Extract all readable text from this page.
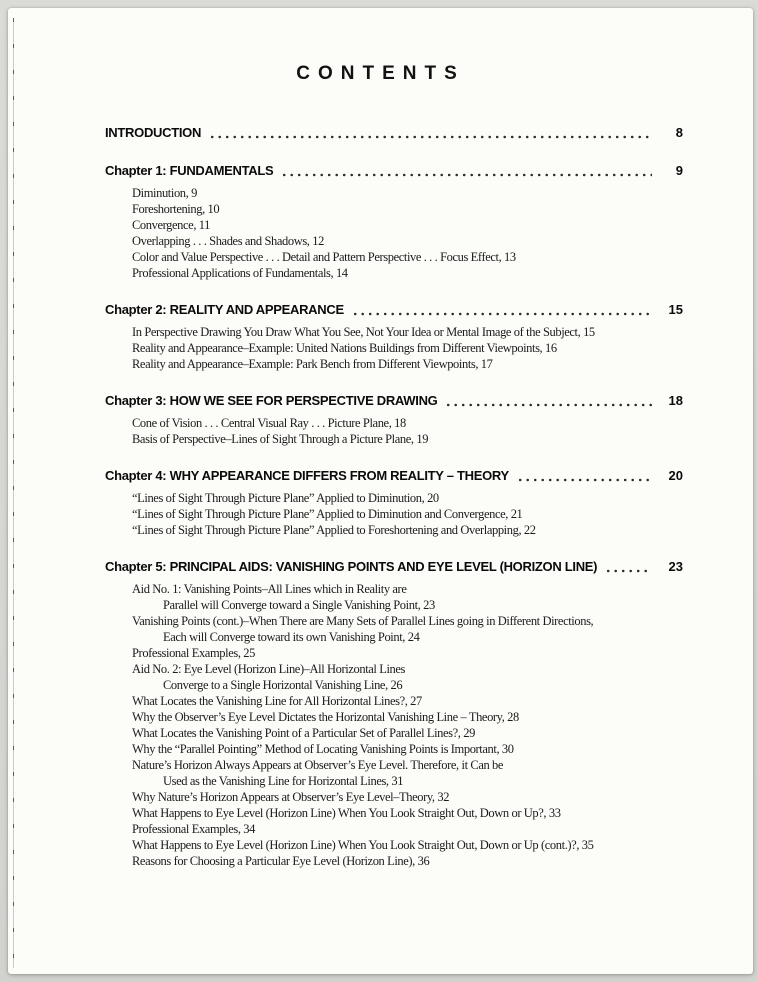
CONTENTS
INTRODUCTION	8
Chapter 1: FUNDAMENTALS	9
Diminution, 9
Foreshortening, 10
Convergence, 11
Overlapping . . . Shades and Shadows, 12
Color and Value Perspective . . . Detail and Pattern Perspective . . . Focus Effect, 13
Professional Applications of Fundamentals, 14
Chapter 2: REALITY AND APPEARANCE	15
In Perspective Drawing You Draw What You See, Not Your Idea or Mental Image of the Subject, 15
Reality and Appearance–Example: United Nations Buildings from Different Viewpoints, 16
Reality and Appearance–Example: Park Bench from Different Viewpoints, 17
Chapter 3: HOW WE SEE FOR PERSPECTIVE DRAWING	18
Cone of Vision . . . Central Visual Ray . . . Picture Plane, 18
Basis of Perspective–Lines of Sight Through a Picture Plane, 19
Chapter 4: WHY APPEARANCE DIFFERS FROM REALITY – THEORY	20
“Lines of Sight Through Picture Plane” Applied to Diminution, 20
“Lines of Sight Through Picture Plane” Applied to Diminution and Convergence, 21
“Lines of Sight Through Picture Plane” Applied to Foreshortening and Overlapping, 22
Chapter 5: PRINCIPAL AIDS: VANISHING POINTS AND EYE LEVEL (HORIZON LINE)	23
Aid No. 1: Vanishing Points–All Lines which in Reality are
Parallel will Converge toward a Single Vanishing Point, 23
Vanishing Points (cont.)–When There are Many Sets of Parallel Lines going in Different Directions,
Each will Converge toward its own Vanishing Point, 24
Professional Examples, 25
Aid No. 2: Eye Level (Horizon Line)–All Horizontal Lines
Converge to a Single Horizontal Vanishing Line, 26
What Locates the Vanishing Line for All Horizontal Lines?, 27
Why the Observer’s Eye Level Dictates the Horizontal Vanishing Line – Theory, 28
What Locates the Vanishing Point of a Particular Set of Parallel Lines?, 29
Why the “Parallel Pointing” Method of Locating Vanishing Points is Important, 30
Nature’s Horizon Always Appears at Observer’s Eye Level. Therefore, it Can be
Used as the Vanishing Line for Horizontal Lines, 31
Why Nature’s Horizon Appears at Observer’s Eye Level–Theory, 32
What Happens to Eye Level (Horizon Line) When You Look Straight Out, Down or Up?, 33
Professional Examples, 34
What Happens to Eye Level (Horizon Line) When You Look Straight Out, Down or Up (cont.)?, 35
Reasons for Choosing a Particular Eye Level (Horizon Line), 36
